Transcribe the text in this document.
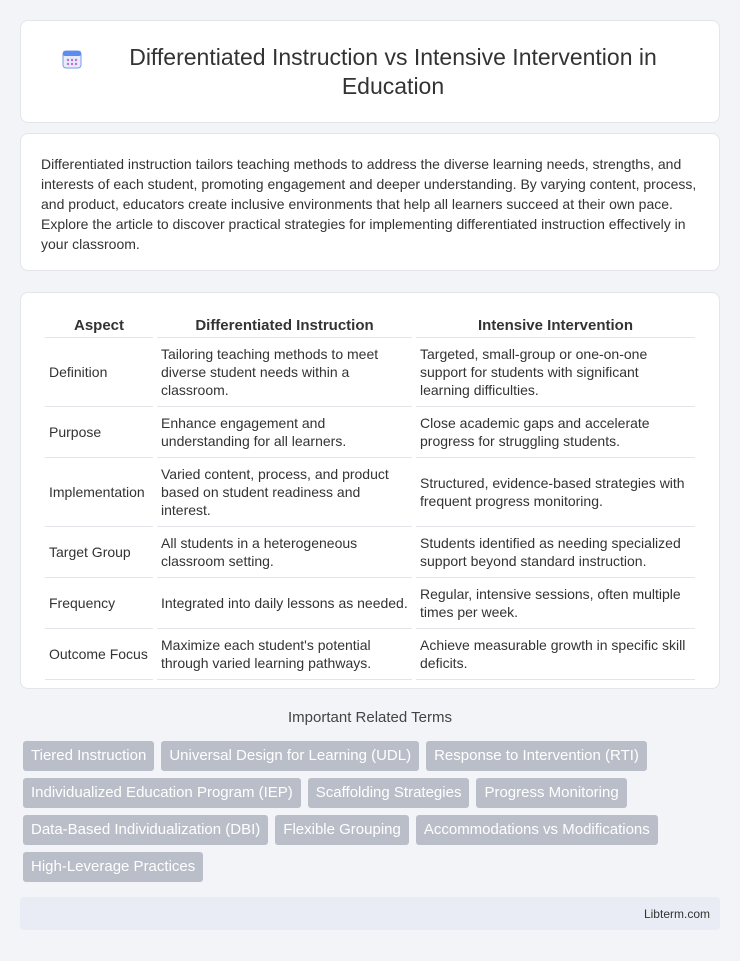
Differentiated Instruction vs Intensive Intervention in Education

Differentiated instruction tailors teaching methods to address the diverse learning needs, strengths, and interests of each student, promoting engagement and deeper understanding. By varying content, process, and product, educators create inclusive environments that help all learners succeed at their own pace. Explore the article to discover practical strategies for implementing differentiated instruction effectively in your classroom.

Aspect	Differentiated Instruction	Intensive Intervention
Definition	Tailoring teaching methods to meet diverse student needs within a classroom.	Targeted, small-group or one-on-one support for students with significant learning difficulties.
Purpose	Enhance engagement and understanding for all learners.	Close academic gaps and accelerate progress for struggling students.
Implementation	Varied content, process, and product based on student readiness and interest.	Structured, evidence-based strategies with frequent progress monitoring.
Target Group	All students in a heterogeneous classroom setting.	Students identified as needing specialized support beyond standard instruction.
Frequency	Integrated into daily lessons as needed.	Regular, intensive sessions, often multiple times per week.
Outcome Focus	Maximize each student's potential through varied learning pathways.	Achieve measurable growth in specific skill deficits.
Important Related Terms
Tiered Instruction	Universal Design for Learning (UDL)	Response to Intervention (RTI)
Individualized Education Program (IEP)	Scaffolding Strategies	Progress Monitoring
Data-Based Individualization (DBI)	Flexible Grouping	Accommodations vs Modifications
High-Leverage Practices
Libterm.com
